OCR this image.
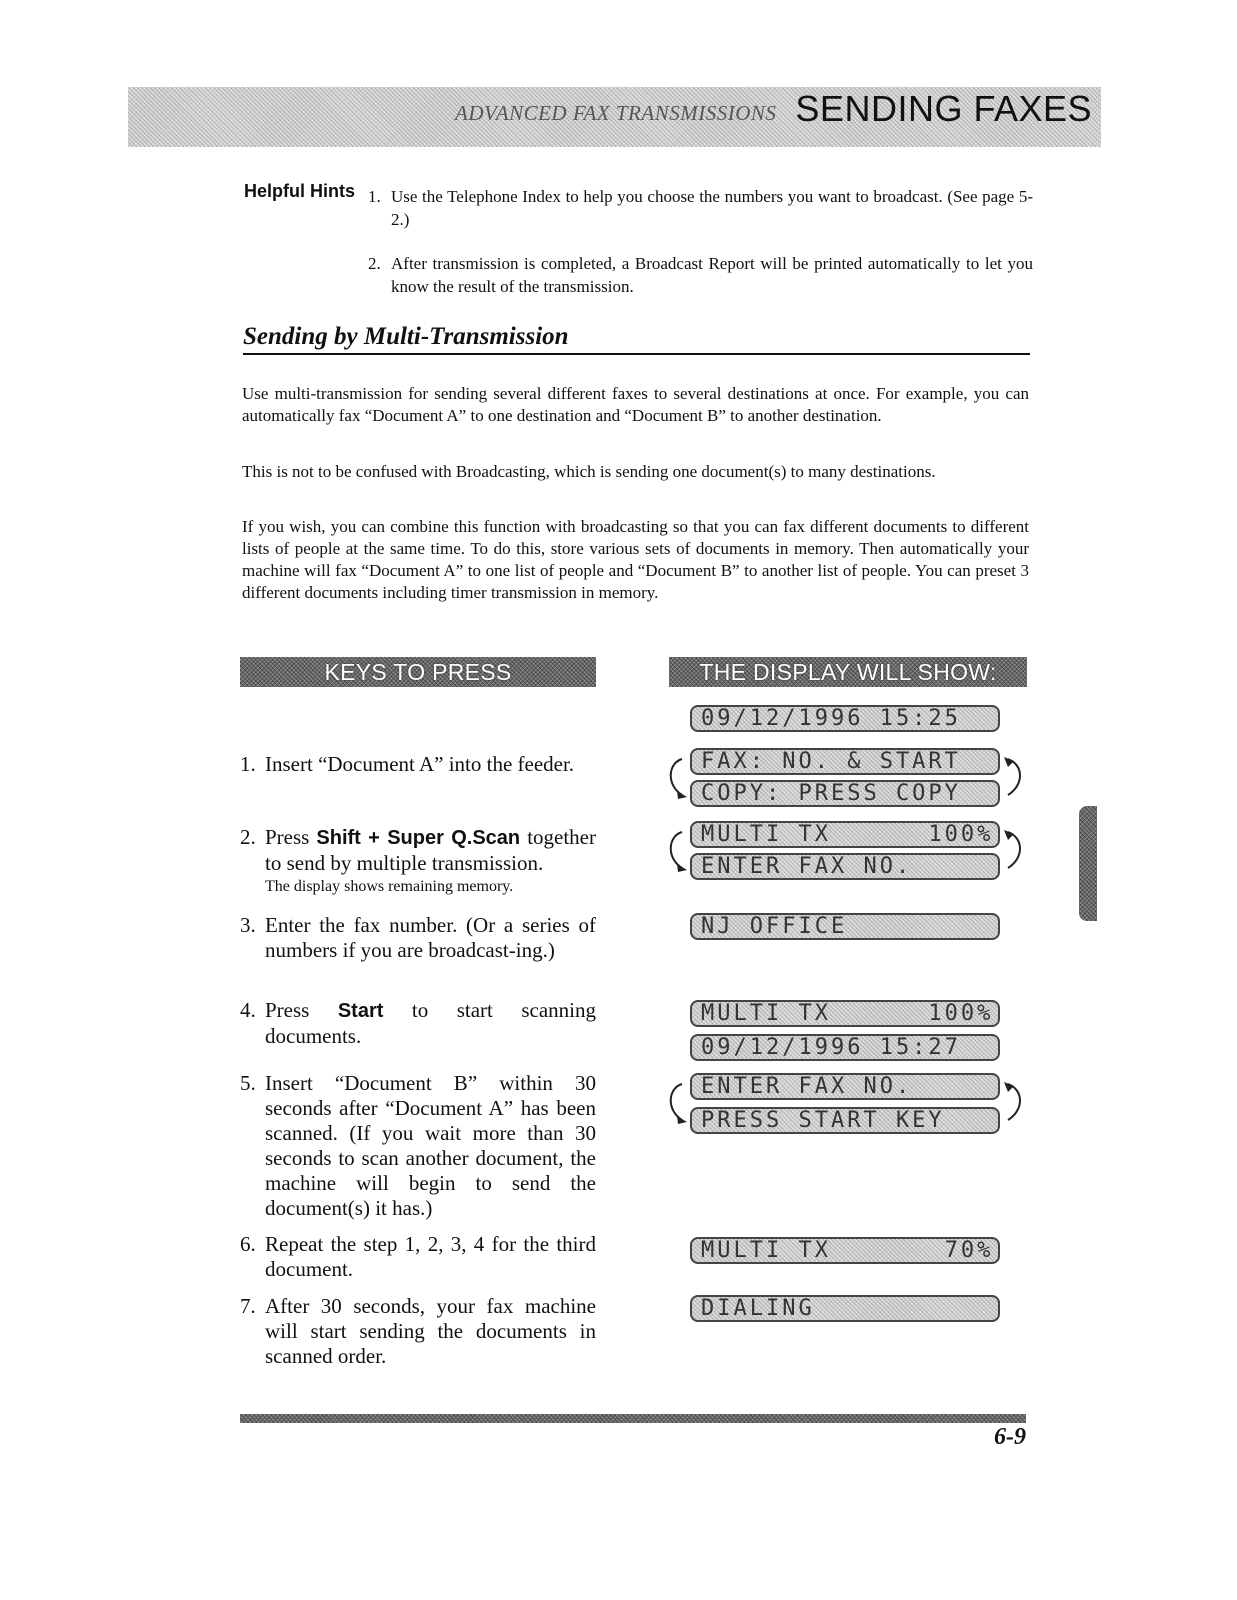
ADVANCED FAX TRANSMISSIONS SENDING FAXES
Helpful Hints 1. Use the Telephone Index to help you choose the numbers you want to broadcast. (See page 5-2.)
2. After transmission is completed, a Broadcast Report will be printed automatically to let you know the result of the transmission.
Sending by Multi-Transmission
Use multi-transmission for sending several different faxes to several destinations at once. For example, you can automatically fax “Document A” to one destination and “Document B” to another destination.
This is not to be confused with Broadcasting, which is sending one document(s) to many destinations.
If you wish, you can combine this function with broadcasting so that you can fax different documents to different lists of people at the same time. To do this, store various sets of documents in memory. Then automatically your machine will fax “Document A” to one list of people and “Document B” to another list of people. You can preset 3 different documents including timer transmission in memory.
KEYS TO PRESS	THE DISPLAY WILL SHOW:
1. Insert “Document A” into the feeder.
2. Press Shift + Super Q.Scan together to send by multiple transmission.
The display shows remaining memory.
3. Enter the fax number. (Or a series of numbers if you are broadcast-ing.)
4. Press Start to start scanning documents.
5. Insert “Document B” within 30 seconds after “Document A” has been scanned. (If you wait more than 30 seconds to scan another document, the machine will begin to send the document(s) it has.)
6. Repeat the step 1, 2, 3, 4 for the third document.
7. After 30 seconds, your fax machine will start sending the documents in scanned order.
09/12/1996 15:25
FAX: NO. & START
COPY: PRESS COPY
MULTI TX      100%
ENTER FAX NO.
NJ OFFICE
MULTI TX      100%
09/12/1996 15:27
ENTER FAX NO.
PRESS START KEY
MULTI TX       70%
DIALING
6-9
